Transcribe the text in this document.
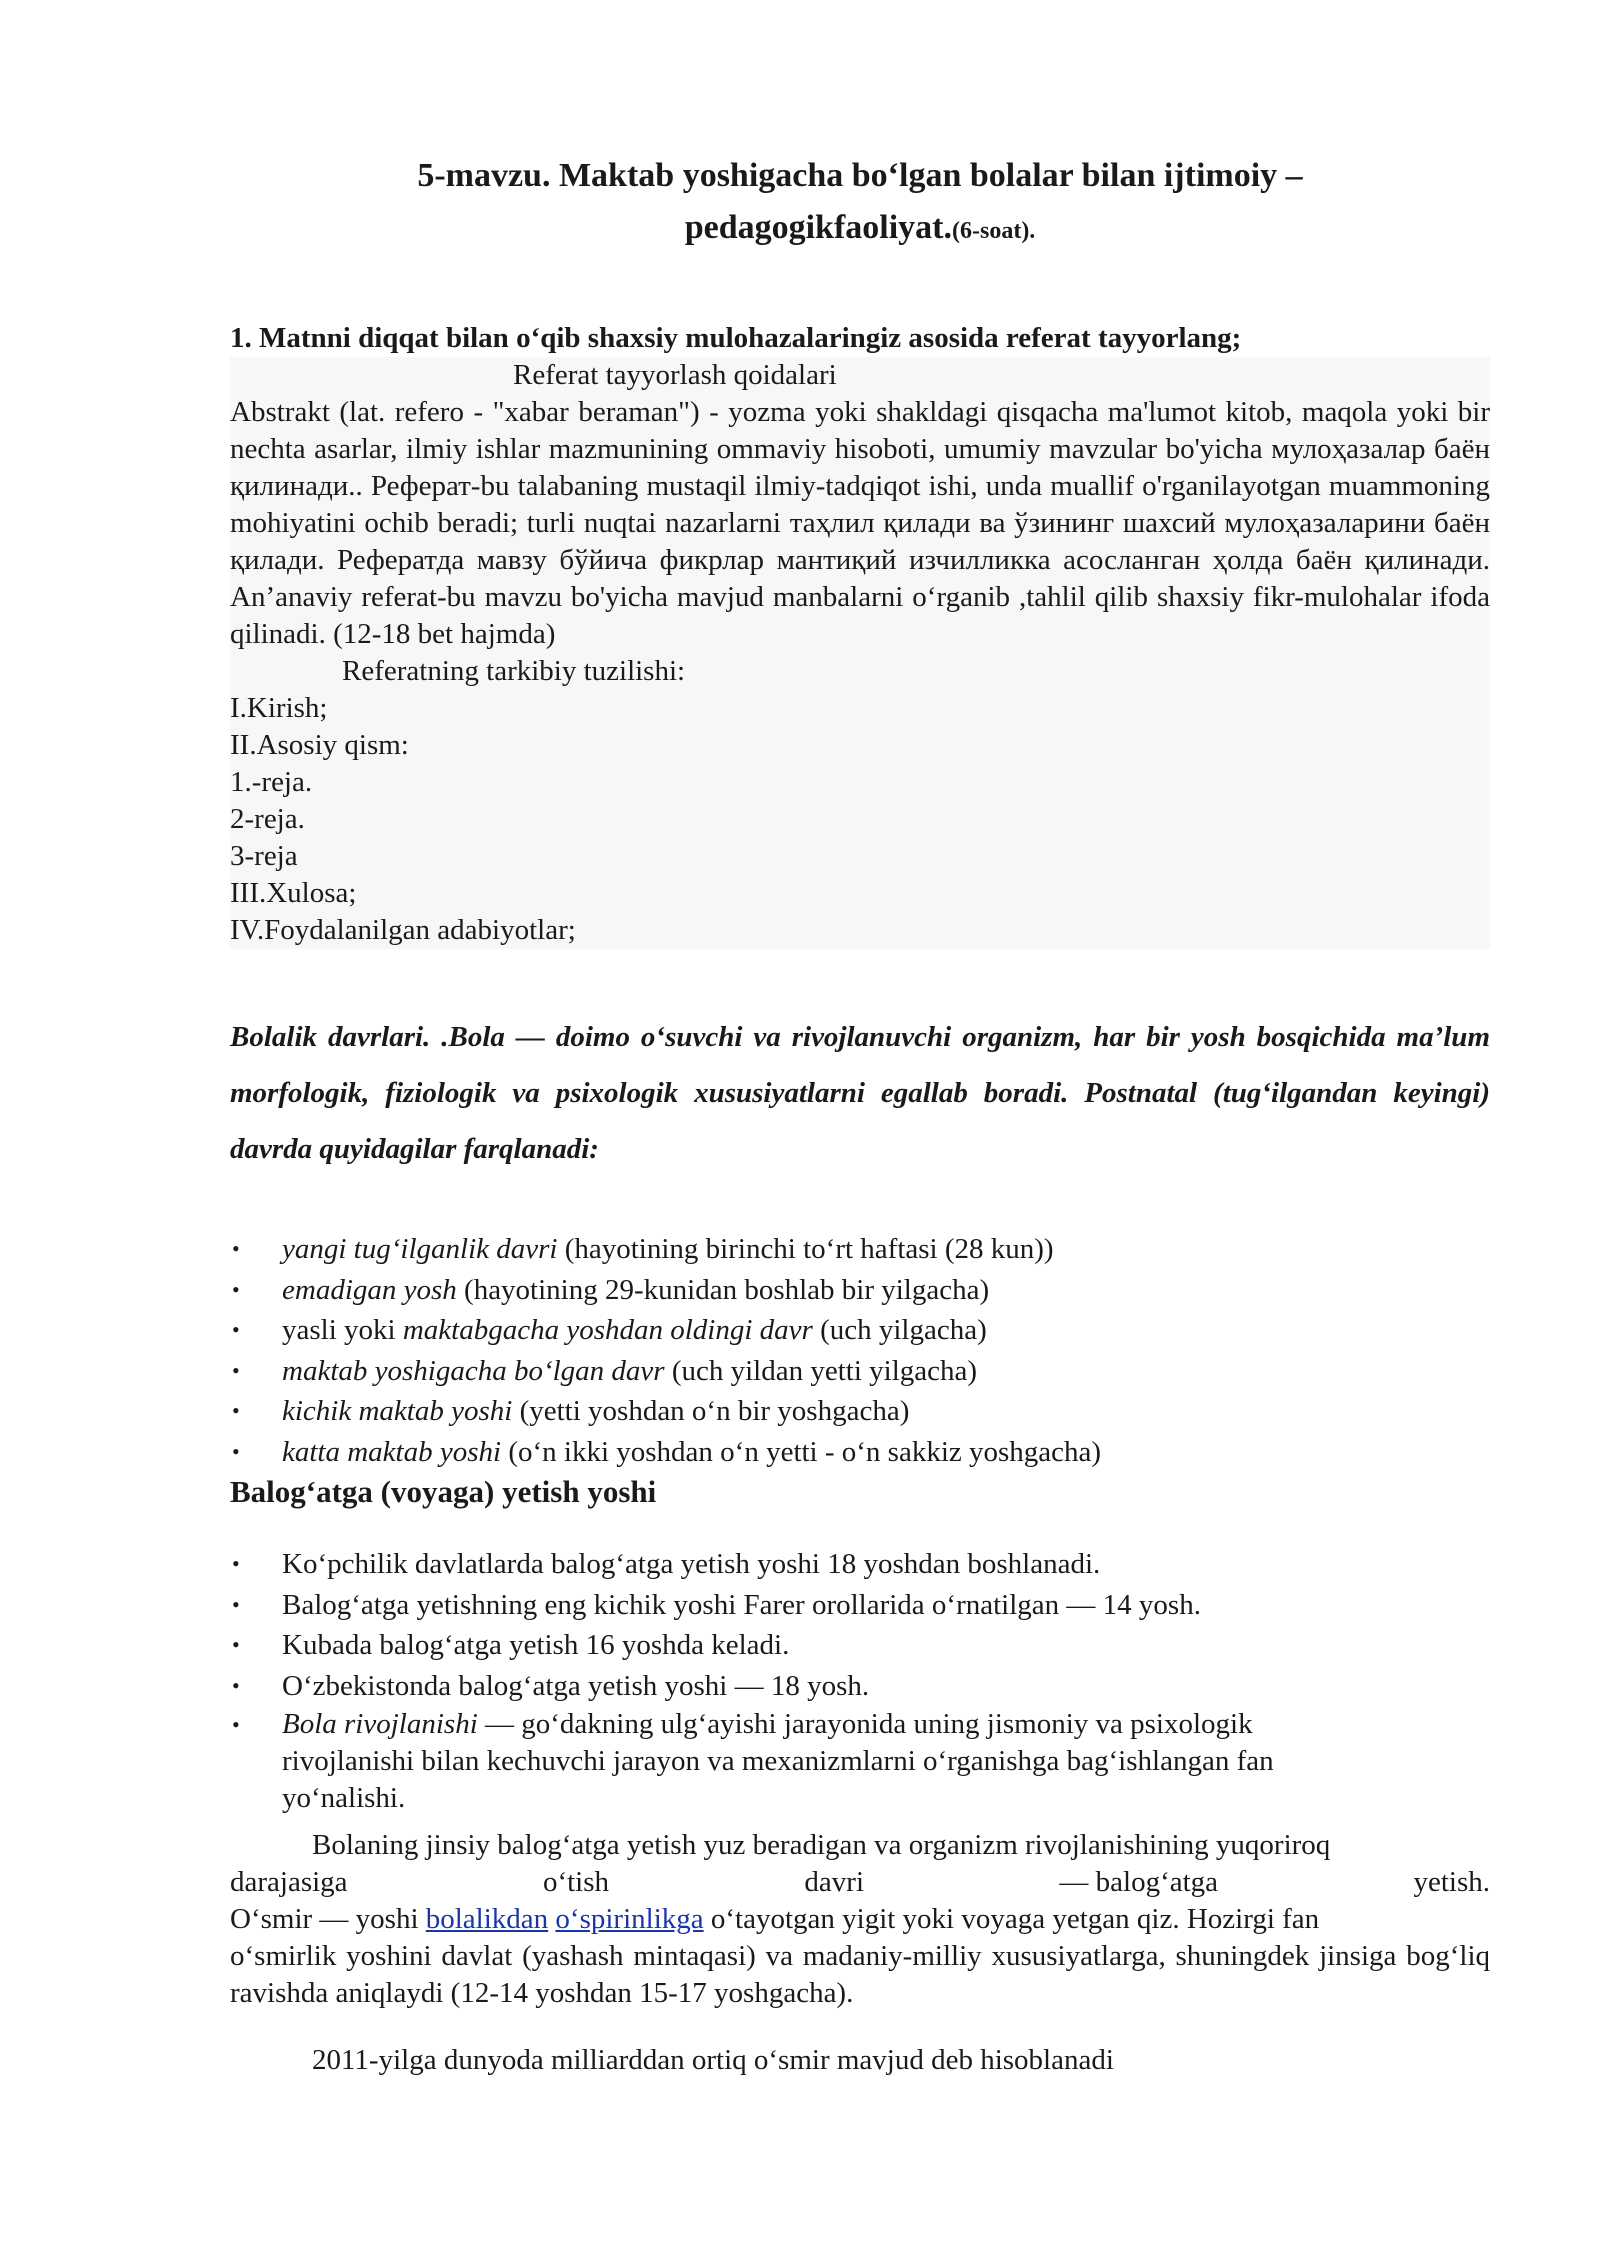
5-mavzu. Maktab yoshigacha bo‘lgan bolalar bilan ijtimoiy –
pedagogikfaoliyat.(6-soat).
1. Matnni diqqat bilan o‘qib shaxsiy mulohazalaringiz asosida referat tayyorlang;
Referat tayyorlash qoidalari
Abstrakt (lat. refero - "xabar beraman") - yozma yoki shakldagi qisqacha ma'lumot kitob, maqola yoki bir nechta asarlar, ilmiy ishlar mazmunining ommaviy hisoboti, umumiy mavzular bo'yicha мулоҳазалар баён қилинади.. Реферат-bu talabaning mustaqil ilmiy-tadqiqot ishi, unda muallif o'rganilayotgan muammoning mohiyatini ochib beradi; turli nuqtai nazarlarni таҳлил қилади ва ўзининг шахсий мулоҳазаларини баён қилади. Рефератда мавзу бўйича фикрлар мантиқий изчилликка асосланган ҳолда баён қилинади. An’anaviy referat-bu mavzu bo'yicha mavjud manbalarni o‘rganib ,tahlil qilib shaxsiy fikr-mulohalar ifoda qilinadi. (12-18 bet hajmda)
Referatning tarkibiy tuzilishi:
I.Kirish;
II.Asosiy qism:
1.-reja.
2-reja.
3-reja
III.Xulosa;
IV.Foydalanilgan adabiyotlar;
Bolalik davrlari. .Bola — doimo o‘suvchi va rivojlanuvchi organizm, har bir yosh bosqichida ma’lum morfologik, fiziologik va psixologik xususiyatlarni egallab boradi. Postnatal (tug‘ilgandan keyingi) davrda quyidagilar farqlanadi:
• yangi tug‘ilganlik davri (hayotining birinchi to‘rt haftasi (28 kun))
• emadigan yosh (hayotining 29-kunidan boshlab bir yilgacha)
• yasli yoki maktabgacha yoshdan oldingi davr (uch yilgacha)
• maktab yoshigacha bo‘lgan davr (uch yildan yetti yilgacha)
• kichik maktab yoshi (yetti yoshdan o‘n bir yoshgacha)
• katta maktab yoshi (o‘n ikki yoshdan o‘n yetti - o‘n sakkiz yoshgacha)
Balog‘atga (voyaga) yetish yoshi
• Ko‘pchilik davlatlarda balog‘atga yetish yoshi 18 yoshdan boshlanadi.
• Balog‘atga yetishning eng kichik yoshi Farer orollarida o‘rnatilgan — 14 yosh.
• Kubada balog‘atga yetish 16 yoshda keladi.
• O‘zbekistonda balog‘atga yetish yoshi — 18 yosh.
• Bola rivojlanishi — go‘dakning ulg‘ayishi jarayonida uning jismoniy va psixologik
rivojlanishi bilan kechuvchi jarayon va mexanizmlarni o‘rganishga bag‘ishlangan fan
yo‘nalishi.
Bolaning jinsiy balog‘atga yetish yuz beradigan va organizm rivojlanishining yuqoriroq
darajasiga	o‘tish	davri	— balog‘atga	yetish.
O‘smir — yoshi bolalikdan o‘spirinlikga o‘tayotgan yigit yoki voyaga yetgan qiz. Hozirgi fan
o‘smirlik yoshini davlat (yashash mintaqasi) va madaniy-milliy xususiyatlarga, shuningdek jinsiga bog‘liq ravishda aniqlaydi (12-14 yoshdan 15-17 yoshgacha).
2011-yilga dunyoda milliarddan ortiq o‘smir mavjud deb hisoblanadi
